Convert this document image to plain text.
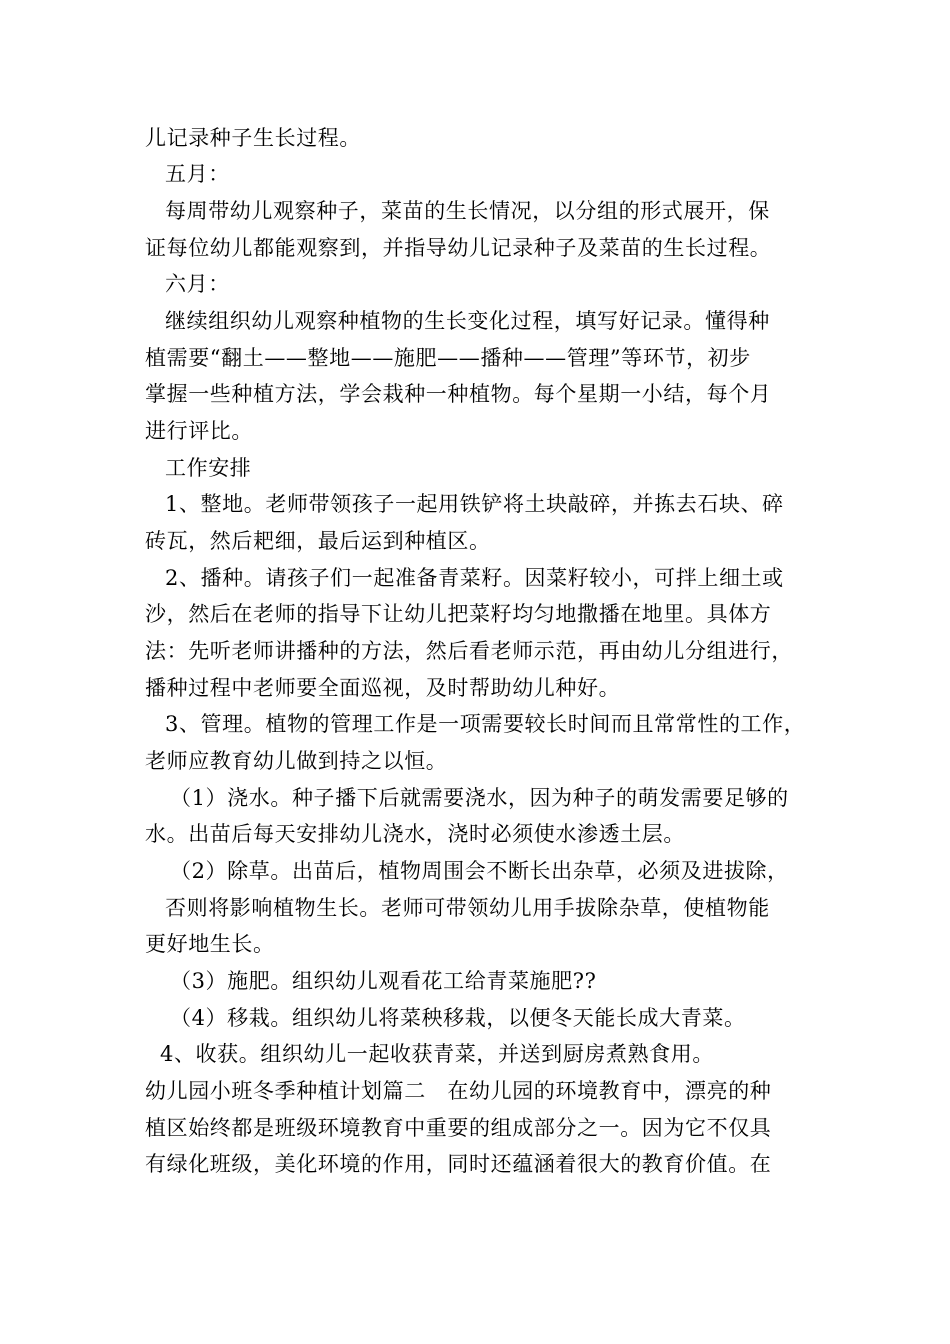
儿记录种子生长过程。
五月：
每周带幼儿观察种子，菜苗的生长情况，以分组的形式展开，保
证每位幼儿都能观察到，并指导幼儿记录种子及菜苗的生长过程。
六月：
继续组织幼儿观察种植物的生长变化过程，填写好记录。懂得种
植需要“翻土——整地——施肥——播种——管理”等环节，初步
掌握一些种植方法，学会栽种一种植物。每个星期一小结，每个月
进行评比。
工作安排
1、整地。老师带领孩子一起用铁铲将土块敲碎，并拣去石块、碎
砖瓦，然后耙细，最后运到种植区。
2、播种。请孩子们一起准备青菜籽。因菜籽较小，可拌上细土或
沙，然后在老师的指导下让幼儿把菜籽均匀地撒播在地里。具体方
法：先听老师讲播种的方法，然后看老师示范，再由幼儿分组进行，
播种过程中老师要全面巡视，及时帮助幼儿种好。
3、管理。植物的管理工作是一项需要较长时间而且常常性的工作，
老师应教育幼儿做到持之以恒。
（1）浇水。种子播下后就需要浇水，因为种子的萌发需要足够的
水。出苗后每天安排幼儿浇水，浇时必须使水渗透土层。
（2）除草。出苗后，植物周围会不断长出杂草，必须及进拔除，
否则将影响植物生长。老师可带领幼儿用手拔除杂草，使植物能
更好地生长。
（3）施肥。组织幼儿观看花工给青菜施肥??
（4）移栽。组织幼儿将菜秧移栽，以便冬天能长成大青菜。
4、收获。组织幼儿一起收获青菜，并送到厨房煮熟食用。
幼儿园小班冬季种植计划篇二　在幼儿园的环境教育中，漂亮的种
植区始终都是班级环境教育中重要的组成部分之一。因为它不仅具
有绿化班级，美化环境的作用，同时还蕴涵着很大的教育价值。在
